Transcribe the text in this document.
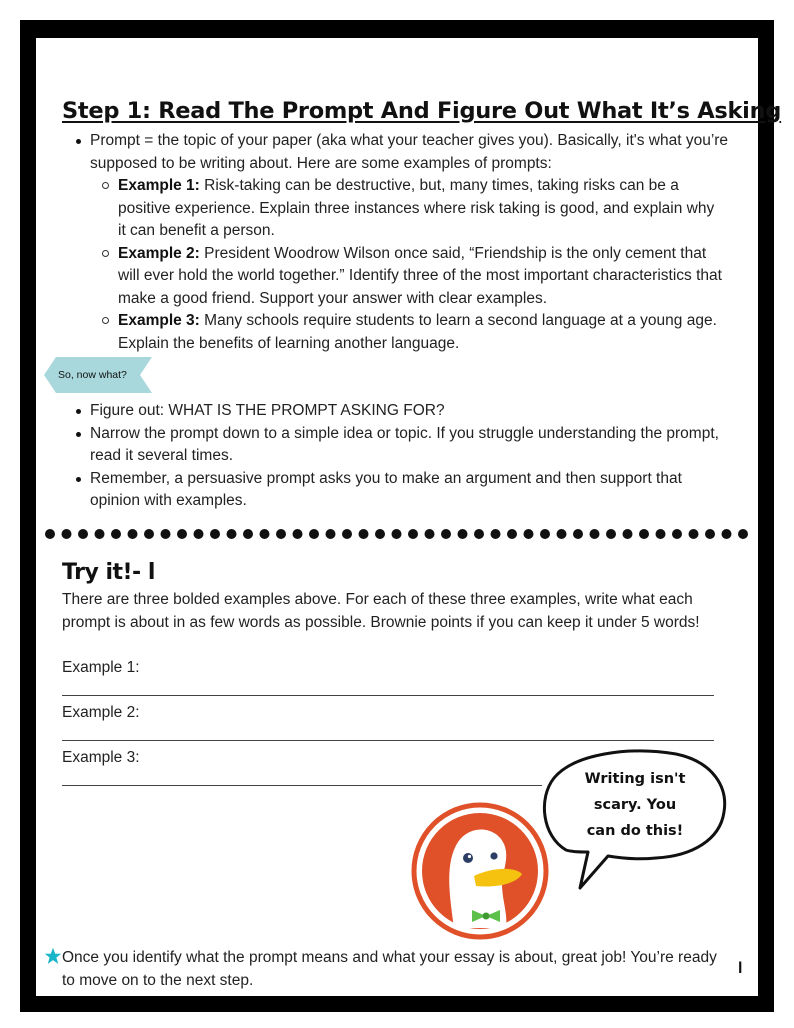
Step 1: Read The Prompt And Figure Out What It’s Asking
Prompt = the topic of your paper (aka what your teacher gives you). Basically, it's what you’re supposed to be writing about. Here are some examples of prompts:
Example 1: Risk-taking can be destructive, but, many times, taking risks can be a positive experience. Explain three instances where risk taking is good, and explain why it can benefit a person.
Example 2: President Woodrow Wilson once said, “Friendship is the only cement that will ever hold the world together.” Identify three of the most important characteristics that make a good friend. Support your answer with clear examples.
Example 3: Many schools require students to learn a second language at a young age. Explain the benefits of learning another language.
So, now what?
Figure out: WHAT IS THE PROMPT ASKING FOR?
Narrow the prompt down to a simple idea or topic. If you struggle understanding the prompt, read it several times.
Remember, a persuasive prompt asks you to make an argument and then support that opinion with examples.
Try it!- l
There are three bolded examples above. For each of these three examples, write what each prompt is about in as few words as possible. Brownie points if you can keep it under 5 words!
Example 1:
Example 2:
Example 3:
Writing isn't
scary. You
can do this!
Once you identify what the prompt means and what your essay is about, great job! You’re ready to move on to the next step.
l
